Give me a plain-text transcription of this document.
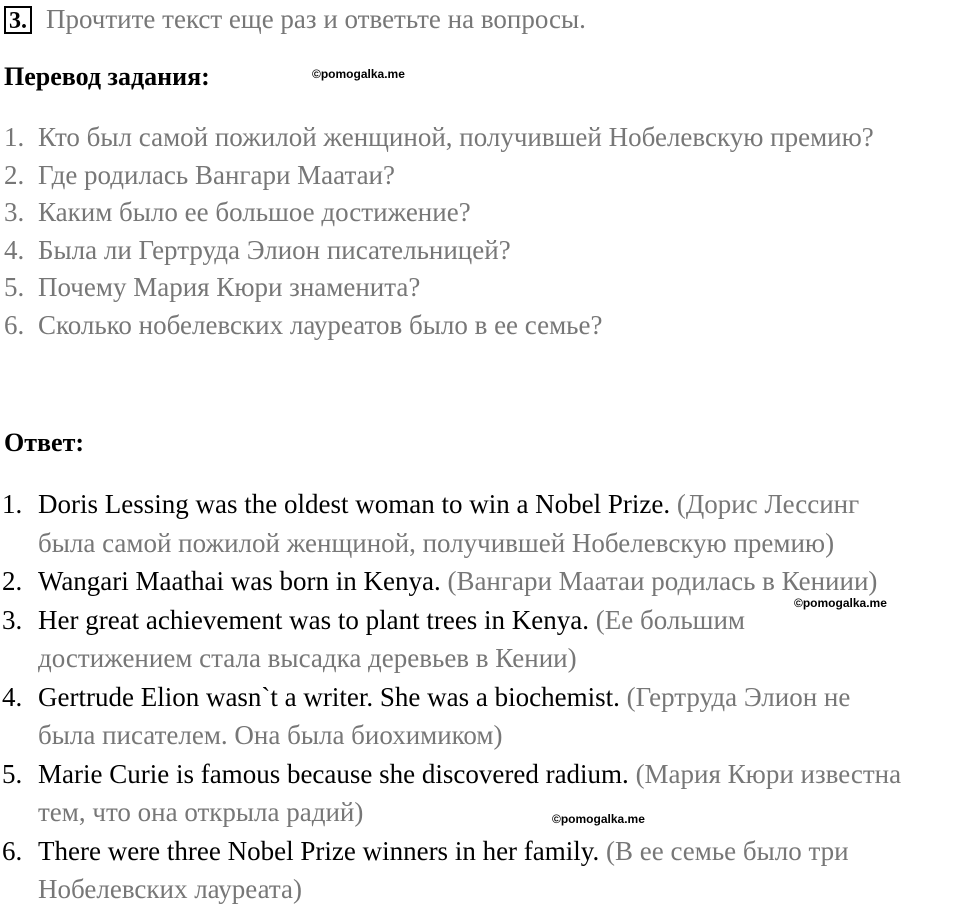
3. Прочтите текст еще раз и ответьте на вопросы.
Перевод задания:	©pomogalka.me
1. Кто был самой пожилой женщиной, получившей Нобелевскую премию?
2. Где родилась Вангари Маатаи?
3. Каким было ее большое достижение?
4. Была ли Гертруда Элион писательницей?
5. Почему Мария Кюри знаменита?
6. Сколько нобелевских лауреатов было в ее семье?
Ответ:
1. Doris Lessing was the oldest woman to win a Nobel Prize. (Дорис Лессинг
была самой пожилой женщиной, получившей Нобелевскую премию)
2. Wangari Maathai was born in Kenya. (Вангари Маатаи родилась в Кениии)
3. Her great achievement was to plant trees in Kenya. (Ее большим
достижением стала высадка деревьев в Кении)
4. Gertrude Elion wasn`t a writer. She was a biochemist. (Гертруда Элион не
была писателем. Она была биохимиком)
5. Marie Curie is famous because she discovered radium. (Мария Кюри известна
тем, что она открыла радий)
6. There were three Nobel Prize winners in her family. (В ее семье было три
Нобелевских лауреата)
©pomogalka.me
©pomogalka.me
